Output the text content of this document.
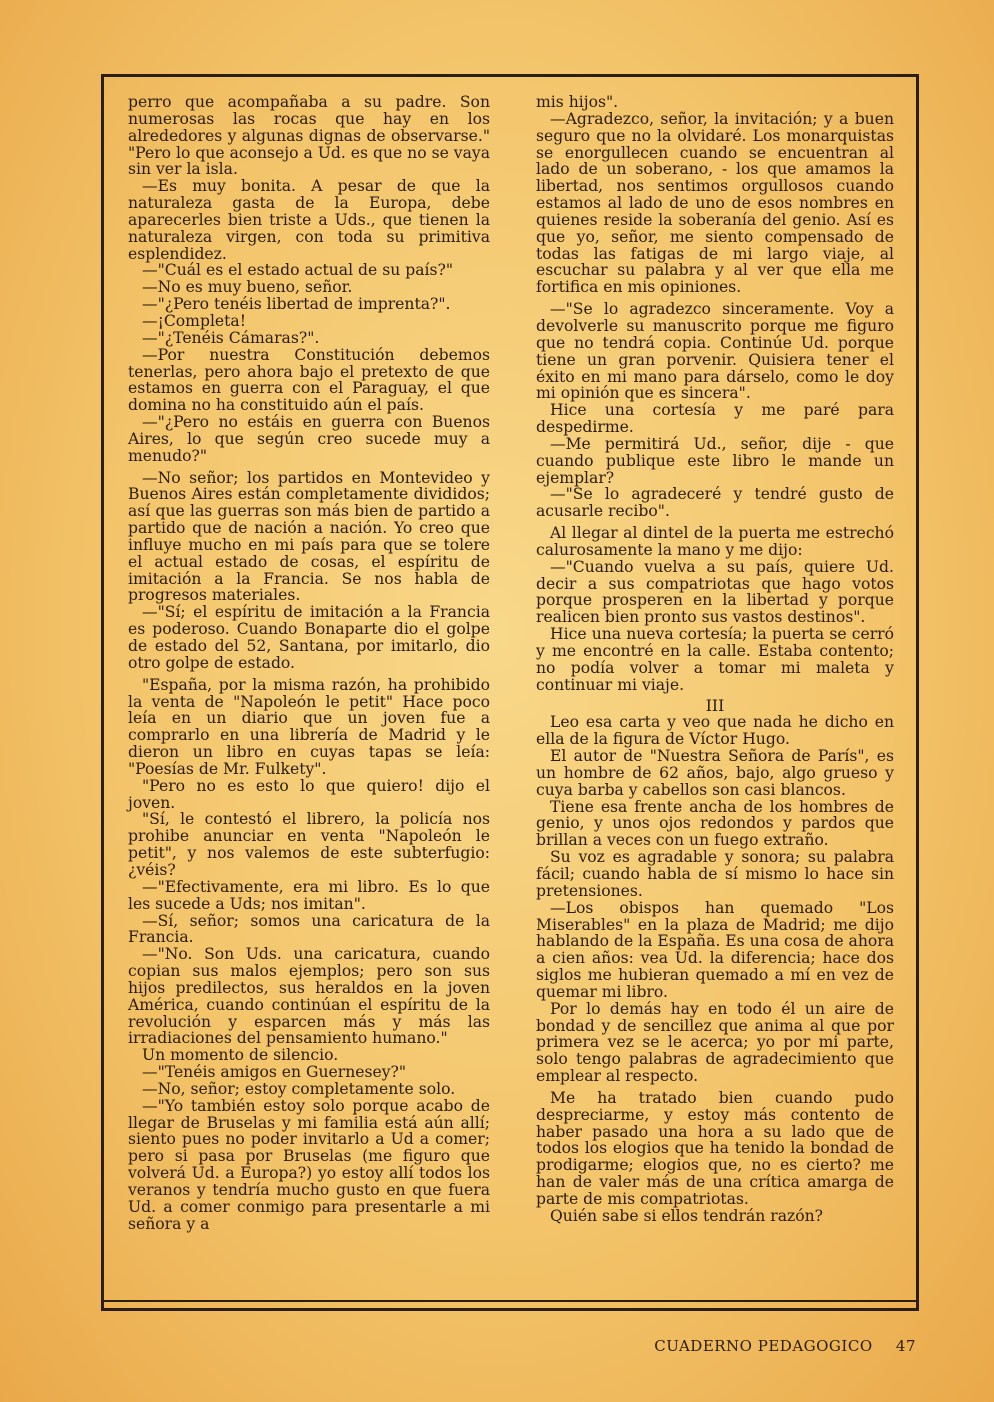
perro que acompañaba a su padre. Son numerosas las rocas que hay en los alrededores y algunas dignas de observarse." "Pero lo que aconsejo a Ud. es que no se vaya sin ver la isla.

—Es muy bonita. A pesar de que la naturaleza gasta de la Europa, debe aparecerles bien triste a Uds., que tienen la naturaleza virgen, con toda su primitiva esplendidez.

—"Cuál es el estado actual de su país?"

—No es muy bueno, señor.

—"¿Pero tenéis libertad de imprenta?".

—¡Completa!

—"¿Tenéis Cámaras?".

—Por nuestra Constitución debemos tenerlas, pero ahora bajo el pretexto de que estamos en guerra con el Paraguay, el que domina no ha constituido aún el país.

—"¿Pero no estáis en guerra con Buenos Aires, lo que según creo sucede muy a menudo?"

—No señor; los partidos en Montevideo y Buenos Aires están completamente divididos; así que las guerras son más bien de partido a partido que de nación a nación. Yo creo que influye mucho en mi país para que se tolere el actual estado de cosas, el espíritu de imitación a la Francia. Se nos habla de progresos materiales.

—"Sí; el espíritu de imitación a la Francia es poderoso. Cuando Bonaparte dio el golpe de estado del 52, Santana, por imitarlo, dio otro golpe de estado.

"España, por la misma razón, ha prohibido la venta de "Napoleón le petit" Hace poco leía en un diario que un joven fue a comprarlo en una librería de Madrid y le dieron un libro en cuyas tapas se leía: "Poesías de Mr. Fulkety".

"Pero no es esto lo que quiero! dijo el joven.

"Sí, le contestó el librero, la policía nos prohibe anunciar en venta "Napoleón le petit", y nos valemos de este subterfugio: ¿véis?

—"Efectivamente, era mi libro. Es lo que les sucede a Uds; nos imitan".

—Sí, señor; somos una caricatura de la Francia.

—"No. Son Uds. una caricatura, cuando copian sus malos ejemplos; pero son sus hijos predilectos, sus heraldos en la joven América, cuando continúan el espíritu de la revolución y esparcen más y más las irradiaciones del pensamiento humano."

Un momento de silencio.

—"Tenéis amigos en Guernesey?"

—No, señor; estoy completamente solo.

—"Yo también estoy solo porque acabo de llegar de Bruselas y mi familia está aún allí; siento pues no poder invitarlo a Ud a comer; pero si pasa por Bruselas (me figuro que volverá Ud. a Europa?) yo estoy allí todos los veranos y tendría mucho gusto en que fuera Ud. a comer conmigo para presentarle a mi señora y a

mis hijos".

—Agradezco, señor, la invitación; y a buen seguro que no la olvidaré. Los monarquistas se enorgullecen cuando se encuentran al lado de un soberano, - los que amamos la libertad, nos sentimos orgullosos cuando estamos al lado de uno de esos nombres en quienes reside la soberanía del genio. Así es que yo, señor, me siento compensado de todas las fatigas de mi largo viaje, al escuchar su palabra y al ver que ella me fortifica en mis opiniones.

—"Se lo agradezco sinceramente. Voy a devolverle su manuscrito porque me figuro que no tendrá copia. Continúe Ud. porque tiene un gran porvenir. Quisiera tener el éxito en mi mano para dárselo, como le doy mi opinión que es sincera".

Hice una cortesía y me paré para despedirme.

—Me permitirá Ud., señor, dije - que cuando publique este libro le mande un ejemplar?

—"Se lo agradeceré y tendré gusto de acusarle recibo".

Al llegar al dintel de la puerta me estrechó calurosamente la mano y me dijo:

—"Cuando vuelva a su país, quiere Ud. decir a sus compatriotas que hago votos porque prosperen en la libertad y porque realicen bien pronto sus vastos destinos".

Hice una nueva cortesía; la puerta se cerró y me encontré en la calle. Estaba contento; no podía volver a tomar mi maleta y continuar mi viaje.

III

Leo esa carta y veo que nada he dicho en ella de la figura de Víctor Hugo.

El autor de "Nuestra Señora de París", es un hombre de 62 años, bajo, algo grueso y cuya barba y cabellos son casi blancos.

Tiene esa frente ancha de los hombres de genio, y unos ojos redondos y pardos que brillan a veces con un fuego extraño.

Su voz es agradable y sonora; su palabra fácil; cuando habla de sí mismo lo hace sin pretensiones.

—Los obispos han quemado "Los Miserables" en la plaza de Madrid; me dijo hablando de la España. Es una cosa de ahora a cien años: vea Ud. la diferencia; hace dos siglos me hubieran quemado a mí en vez de quemar mi libro.

Por lo demás hay en todo él un aire de bondad y de sencillez que anima al que por primera vez se le acerca; yo por mi parte, solo tengo palabras de agradecimiento que emplear al respecto.

Me ha tratado bien cuando pudo despreciarme, y estoy más contento de haber pasado una hora a su lado que de todos los elogios que ha tenido la bondad de prodigarme; elogios que, no es cierto? me han de valer más de una crítica amarga de parte de mis compatriotas.

Quién sabe si ellos tendrán razón?

CUADERNO PEDAGOGICO 47
